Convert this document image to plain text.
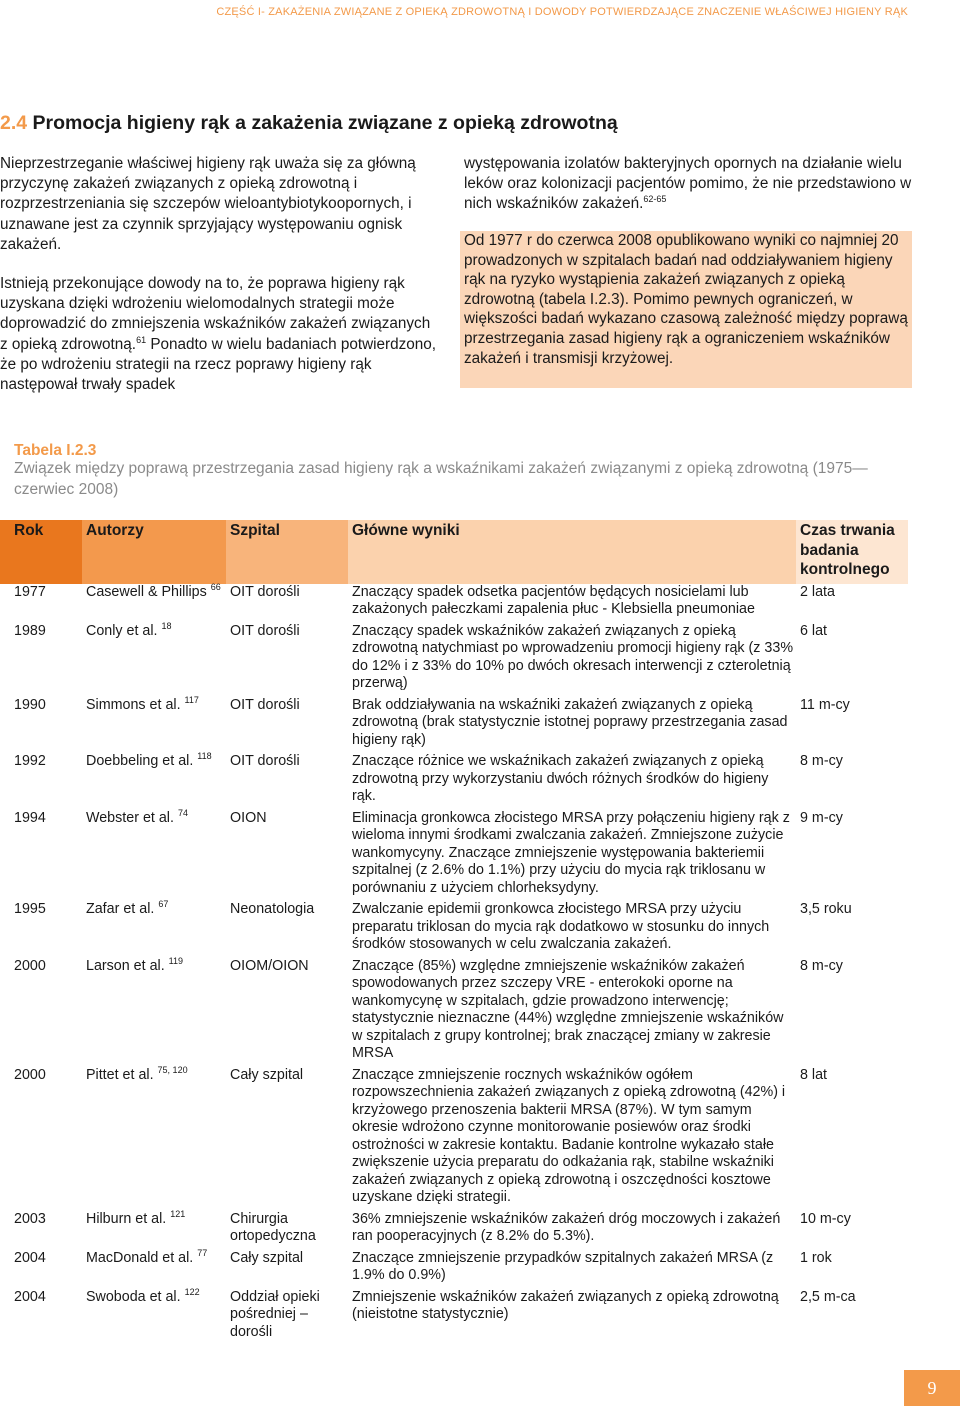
CZĘŚĆ I- ZAKAŻENIA ZWIĄZANE Z OPIEKĄ ZDROWOTNĄ I DOWODY POTWIERDZAJĄCE ZNACZENIE WŁAŚCIWEJ HIGIENY RĄK
2.4 Promocja higieny rąk a zakażenia związane z opieką zdrowotną

Nieprzestrzeganie właściwej higieny rąk uważa się za główną przyczynę zakażeń związanych z opieką zdrowotną i rozprzestrzeniania się szczepów wieloantybiotykoopornych, i uznawane jest za czynnik sprzyjający występowaniu ognisk zakażeń.

Istnieją przekonujące dowody na to, że poprawa higieny rąk uzyskana dzięki wdrożeniu wielomodalnych strategii może doprowadzić do zmniejszenia wskaźników zakażeń związanych z opieką zdrowotną.$^{61}$ Ponadto w wielu badaniach potwierdzono, że po wdrożeniu strategii na rzecz poprawy higieny rąk następował trwały spadek

występowania izolatów bakteryjnych opornych na działanie wielu leków oraz kolonizacji pacjentów pomimo, że nie przedstawiono w nich wskaźników zakażeń.$^{62-65}$

Od 1977 r do czerwca 2008 opublikowano wyniki co najmniej 20 prowadzonych w szpitalach badań nad oddziaływaniem higieny rąk na ryzyko wystąpienia zakażeń związanych z opieką zdrowotną (tabela I.2.3). Pomimo pewnych ograniczeń, w większości badań wykazano czasową zależność między poprawą przestrzegania zasad higieny rąk a ograniczeniem wskaźników zakażeń i transmisji krzyżowej.
Tabela I.2.3
Związek między poprawą przestrzegania zasad higieny rąk a wskaźnikami zakażeń związanymi z opieką zdrowotną (1975— czerwiec 2008)
Rok	Autorzy	Szpital	Główne wyniki	Czas trwania badania kontrolnego
1977	Casewell & Phillips $^{66}$	OIT dorośli	Znaczący spadek odsetka pacjentów będących nosicielami lub zakażonych pałeczkami zapalenia płuc - Klebsiella pneumoniae	2 lata
1989	Conly et al. $^{18}$	OIT dorośli	Znaczący spadek wskaźników zakażeń związanych z opieką zdrowotną natychmiast po wprowadzeniu promocji higieny rąk (z 33% do 12% i z 33% do 10% po dwóch okresach interwencji z czteroletnią przerwą)	6 lat
1990	Simmons et al. $^{117}$	OIT dorośli	Brak oddziaływania na wskaźniki zakażeń związanych z opieką zdrowotną (brak statystycznie istotnej poprawy przestrzegania zasad higieny rąk)	11 m-cy
1992	Doebbeling et al. $^{118}$	OIT dorośli	Znaczące różnice we wskaźnikach zakażeń związanych z opieką zdrowotną przy wykorzystaniu dwóch różnych środków do higieny rąk.	8 m-cy
1994	Webster et al. $^{74}$	OION	Eliminacja gronkowca złocistego MRSA przy połączeniu higieny rąk z wieloma innymi środkami zwalczania zakażeń. Zmniejszone zużycie wankomycyny. Znaczące zmniejszenie występowania bakteriemii szpitalnej (z 2.6% do 1.1%) przy użyciu do mycia rąk triklosanu w porównaniu z użyciem chlorheksydyny.	9 m-cy
1995	Zafar et al. $^{67}$	Neonatologia	Zwalczanie epidemii gronkowca złocistego MRSA przy użyciu preparatu triklosan do mycia rąk dodatkowo w stosunku do innych środków stosowanych w celu zwalczania zakażeń.	3,5 roku
2000	Larson et al. $^{119}$	OIOM/OION	Znaczące (85%) względne zmniejszenie wskaźników zakażeń spowodowanych przez szczepy VRE - enterokoki oporne na wankomycynę w szpitalach, gdzie prowadzono interwencję; statystycznie nieznaczne (44%) względne zmniejszenie wskaźników w szpitalach z grupy kontrolnej; brak znaczącej zmiany w zakresie MRSA	8 m-cy
2000	Pittet et al. $^{75, 120}$	Cały szpital	Znaczące zmniejszenie rocznych wskaźników ogółem rozpowszechnienia zakażeń związanych z opieką zdrowotną (42%) i krzyżowego przenoszenia bakterii MRSA (87%). W tym samym okresie wdrożono czynne monitorowanie posiewów oraz środki ostrożności w zakresie kontaktu. Badanie kontrolne wykazało stałe zwiększenie użycia preparatu do odkażania rąk, stabilne wskaźniki zakażeń związanych z opieką zdrowotną i oszczędności kosztowe uzyskane dzięki strategii.	8 lat
2003	Hilburn et al. $^{121}$	Chirurgia ortopedyczna	36% zmniejszenie wskaźników zakażeń dróg moczowych i zakażeń ran pooperacyjnych (z 8.2% do 5.3%).	10 m-cy
2004	MacDonald et al. $^{77}$	Cały szpital	Znaczące zmniejszenie przypadków szpitalnych zakażeń MRSA (z 1.9% do 0.9%)	1 rok
2004	Swoboda et al. $^{122}$	Oddział opieki pośredniej – dorośli	Zmniejszenie wskaźników zakażeń związanych z opieką zdrowotną (nieistotne statystycznie)	2,5 m-ca
9
